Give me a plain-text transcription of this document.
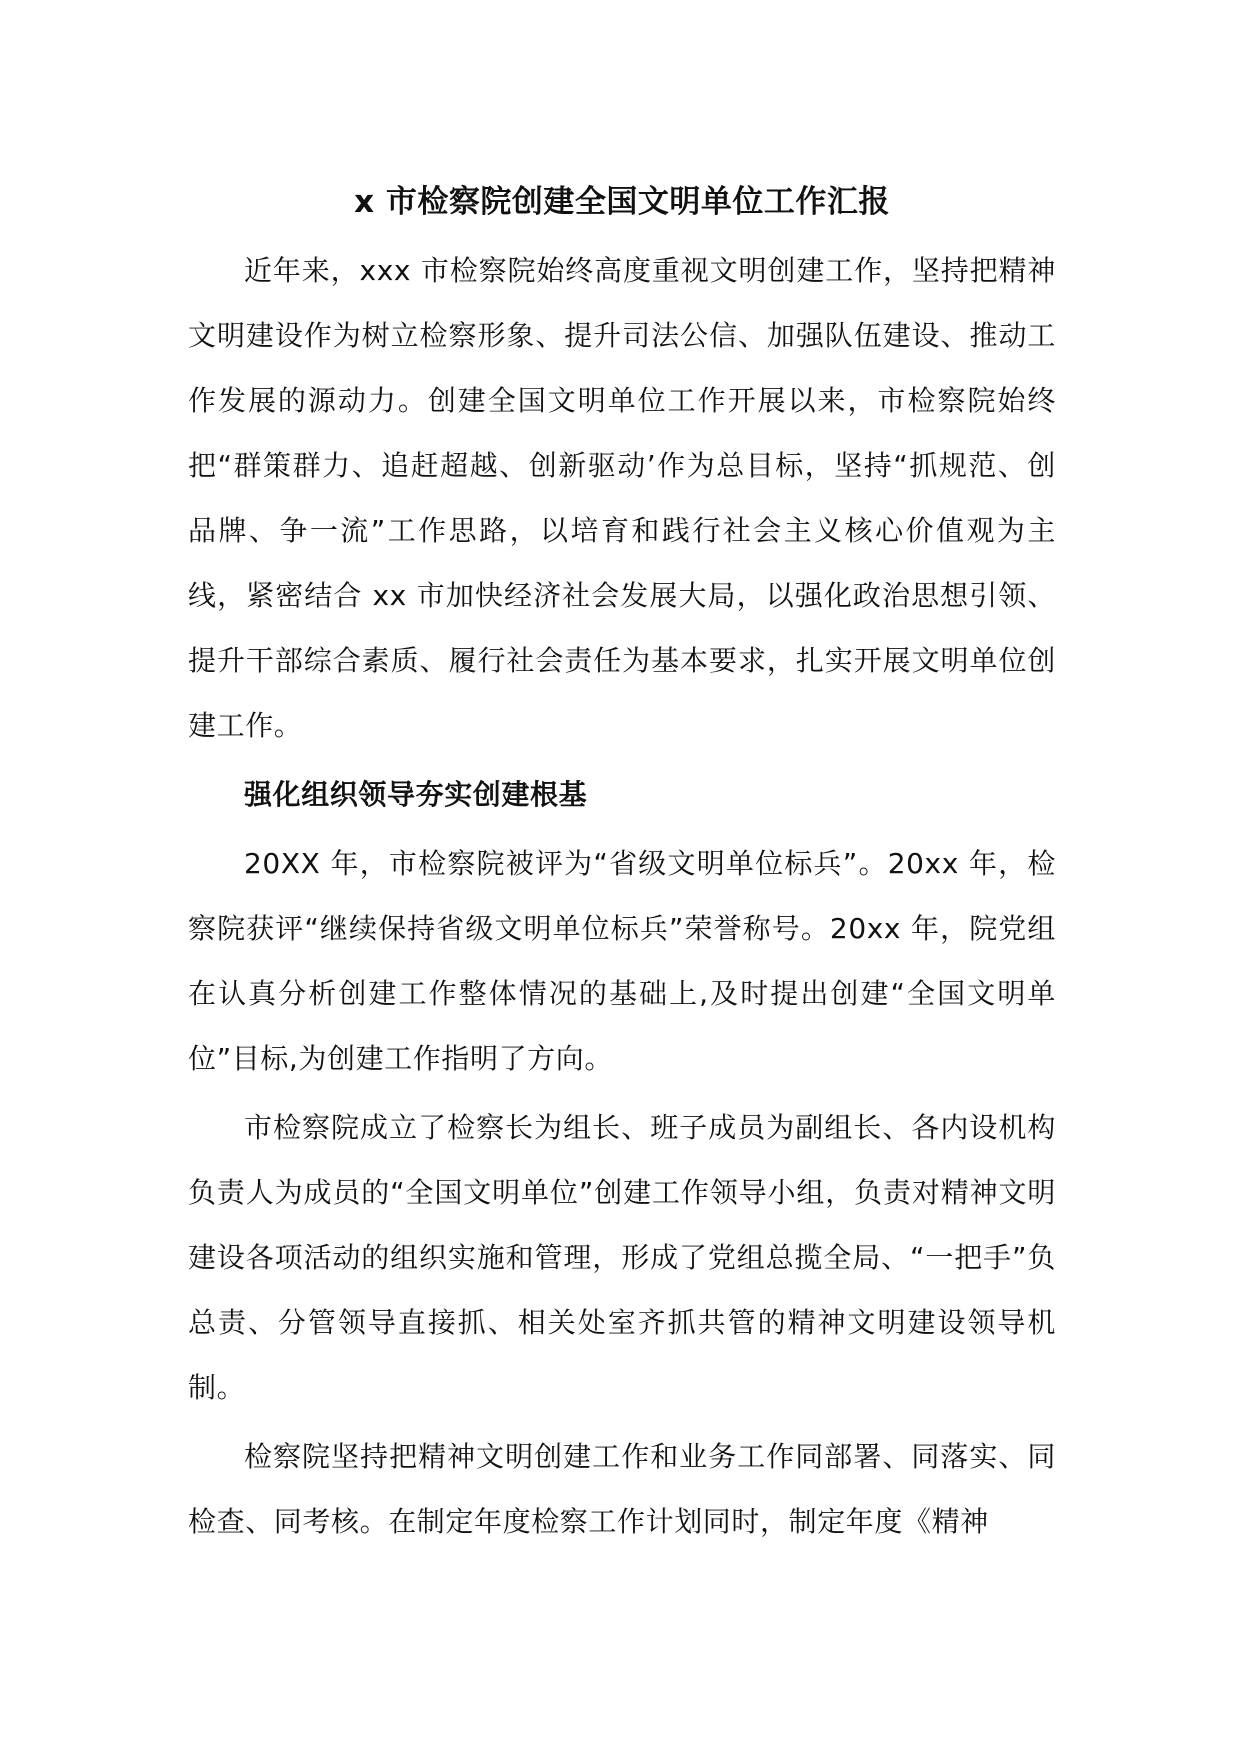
x 市检察院创建全国文明单位工作汇报

近年来，xxx 市检察院始终高度重视文明创建工作，坚持把精神文明建设作为树立检察形象、提升司法公信、加强队伍建设、推动工作发展的源动力。创建全国文明单位工作开展以来，市检察院始终把“群策群力、追赶超越、创新驱动’作为总目标，坚持“抓规范、创品牌、争一流”工作思路，以培育和践行社会主义核心价值观为主线，紧密结合 xx 市加快经济社会发展大局，以强化政治思想引领、提升干部综合素质、履行社会责任为基本要求，扎实开展文明单位创建工作。

强化组织领导夯实创建根基

20XX 年，市检察院被评为“省级文明单位标兵”。20xx 年，检察院获评“继续保持省级文明单位标兵”荣誉称号。20xx 年，院党组在认真分析创建工作整体情况的基础上,及时提出创建“全国文明单位”目标,为创建工作指明了方向。

市检察院成立了检察长为组长、班子成员为副组长、各内设机构负责人为成员的“全国文明单位”创建工作领导小组，负责对精神文明建设各项活动的组织实施和管理，形成了党组总揽全局、“一把手”负总责、分管领导直接抓、相关处室齐抓共管的精神文明建设领导机制。

检察院坚持把精神文明创建工作和业务工作同部署、同落实、同检查、同考核。在制定年度检察工作计划同时，制定年度《精神
